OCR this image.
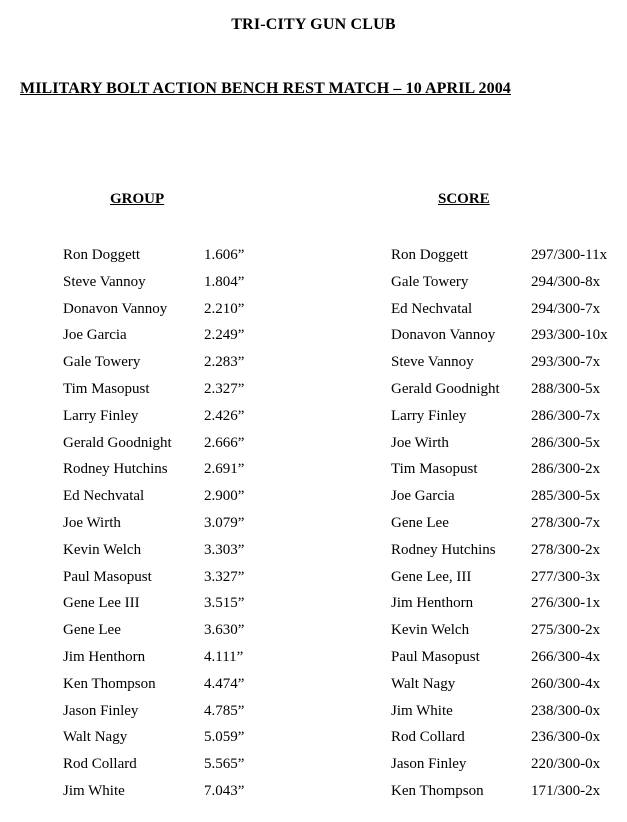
TRI-CITY GUN CLUB
MILITARY BOLT ACTION BENCH REST MATCH – 10 APRIL 2004
GROUP	SCORE
Ron Doggett	1.606”
Steve Vannoy	1.804”
Donavon Vannoy 2.210”
Joe Garcia	2.249”
Gale Towery	2.283”
Tim Masopust	2.327”
Larry Finley	2.426”
Gerald Goodnight 2.666”
Rodney Hutchins 2.691”
Ed Nechvatal	2.900”
Joe Wirth	3.079”
Kevin Welch	3.303”
Paul Masopust	3.327”
Gene Lee III	3.515”
Gene Lee	3.630”
Jim Henthorn	4.111”
Ken Thompson	4.474”
Jason Finley	4.785”
Walt Nagy	5.059”
Rod Collard	5.565”
Jim White	7.043”
Ron Doggett	297/300-11x
Gale Towery	294/300-8x
Ed Nechvatal	294/300-7x
Donavon Vannoy 293/300-10x
Steve Vannoy	293/300-7x
Gerald Goodnight 288/300-5x
Larry Finley	286/300-7x
Joe Wirth	286/300-5x
Tim Masopust	286/300-2x
Joe Garcia	285/300-5x
Gene Lee	278/300-7x
Rodney Hutchins 278/300-2x
Gene Lee, III	277/300-3x
Jim Henthorn	276/300-1x
Kevin Welch	275/300-2x
Paul Masopust	266/300-4x
Walt Nagy	260/300-4x
Jim White	238/300-0x
Rod Collard	236/300-0x
Jason Finley	220/300-0x
Ken Thompson	171/300-2x
